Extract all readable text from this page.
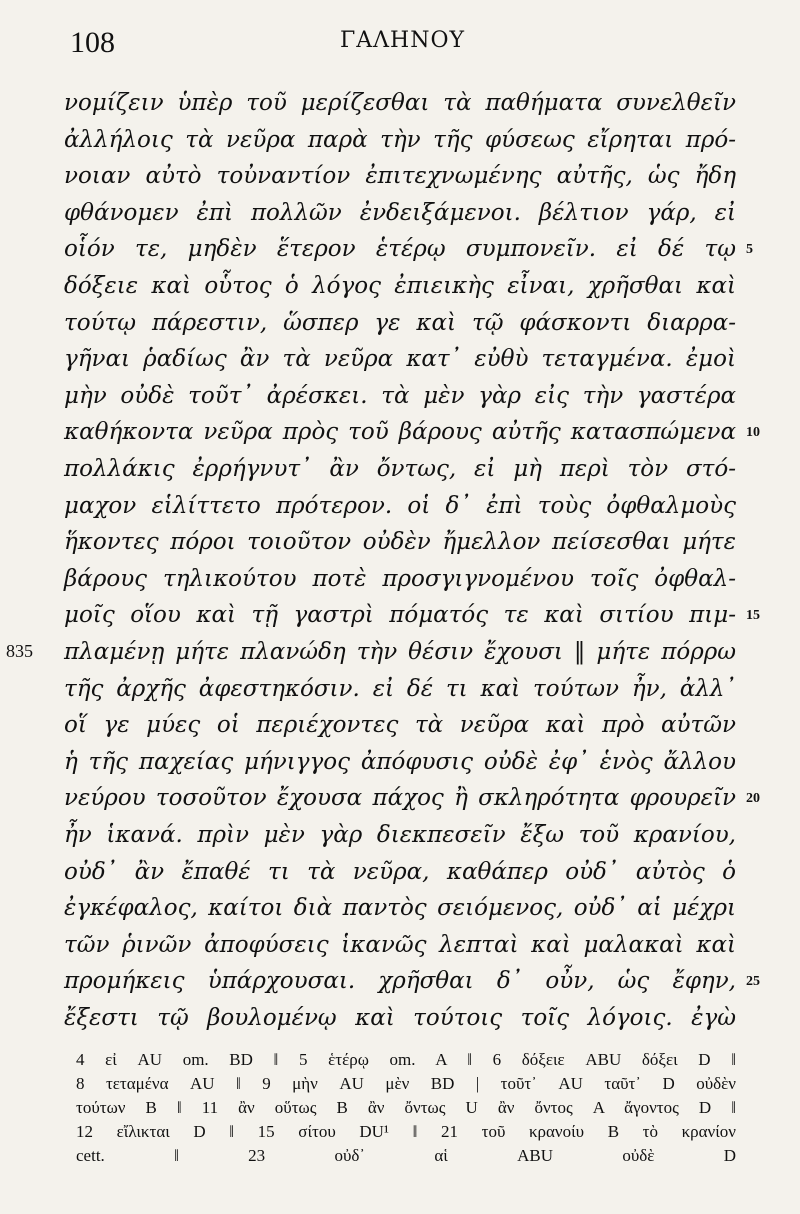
108	ΓΑΛΗΝΟΥ
νομίζειν ὑπὲρ τοῦ μερίζεσθαι τὰ παθήματα συνελθεῖν
ἀλλήλοις τὰ νεῦρα παρὰ τὴν τῆς φύσεως εἴρηται πρό-
νοιαν αὐτὸ τοὐναντίον ἐπιτεχνωμένης αὐτῆς, ὡς ἤδη
φθάνομεν ἐπὶ πολλῶν ἐνδειξάμενοι. βέλτιον γάρ, εἰ
οἷόν τε, μηδὲν ἕτερον ἑτέρῳ συμπονεῖν. εἰ δέ τῳ
δόξειε καὶ οὗτος ὁ λόγος ἐπιεικὴς εἶναι, χρῆσθαι καὶ
τούτῳ πάρεστιν, ὥσπερ γε καὶ τῷ φάσκοντι διαρρα-
γῆναι ῥαδίως ἂν τὰ νεῦρα κατ᾽ εὐθὺ τεταγμένα. ἐμοὶ
μὴν οὐδὲ τοῦτ᾽ ἀρέσκει. τὰ μὲν γὰρ εἰς τὴν γαστέρα
καθήκοντα νεῦρα πρὸς τοῦ βάρους αὐτῆς κατασπώμενα
πολλάκις ἐρρήγνυτ᾽ ἂν ὄντως, εἰ μὴ περὶ τὸν στό-
μαχον εἱλίττετο πρότερον. οἱ δ᾽ ἐπὶ τοὺς ὀφθαλμοὺς
ἥκοντες πόροι τοιοῦτον οὐδὲν ἤμελλον πείσεσθαι μήτε
βάρους τηλικούτου ποτὲ προσγιγνομένου τοῖς ὀφθαλ-
μοῖς οἵου καὶ τῇ γαστρὶ πόματός τε καὶ σιτίου πιμ-
πλαμένῃ μήτε πλανώδη τὴν θέσιν ἔχουσι ‖ μήτε πόρρω
τῆς ἀρχῆς ἀφεστηκόσιν. εἰ δέ τι καὶ τούτων ἦν, ἀλλ᾽
οἵ γε μύες οἱ περιέχοντες τὰ νεῦρα καὶ πρὸ αὐτῶν
ἡ τῆς παχείας μήνιγγος ἀπόφυσις οὐδὲ ἐφ᾽ ἑνὸς ἄλλου
νεύρου τοσοῦτον ἔχουσα πάχος ἢ σκληρότητα φρουρεῖν
ἦν ἱκανά. πρὶν μὲν γὰρ διεκπεσεῖν ἔξω τοῦ κρανίου,
οὐδ᾽ ἂν ἔπαθέ τι τὰ νεῦρα, καθάπερ οὐδ᾽ αὐτὸς ὁ
ἐγκέφαλος, καίτοι διὰ παντὸς σειόμενος, οὐδ᾽ αἱ μέχρι
τῶν ῥινῶν ἀποφύσεις ἱκανῶς λεπταὶ καὶ μαλακαὶ καὶ
προμήκεις ὑπάρχουσαι. χρῆσθαι δ᾽ οὖν, ὡς ἔφην,
ἔξεστι τῷ βουλομένῳ καὶ τούτοις τοῖς λόγοις. ἐγὼ
5
10
15
20
25
835
4 εἰ AU om. BD ‖ 5 ἑτέρῳ om. A ‖ 6 δόξειε ABU δόξει D ‖
8 τεταμένα AU ‖ 9 μὴν AU μὲν BD | τοῦτ᾽ AU ταῦτ᾽ D οὐδὲν
τούτων B ‖ 11 ἂν οὕτως B ἂν ὄντως U ἂν ὄντος A ἄγοντος D ‖
12 εἴλικται D ‖ 15 σίτου DU¹ ‖ 21 τοῦ κρανοίυ B τὸ κρανίον
cett. ‖ 23 οὐδ᾽ αἱ ABU οὐδὲ D
